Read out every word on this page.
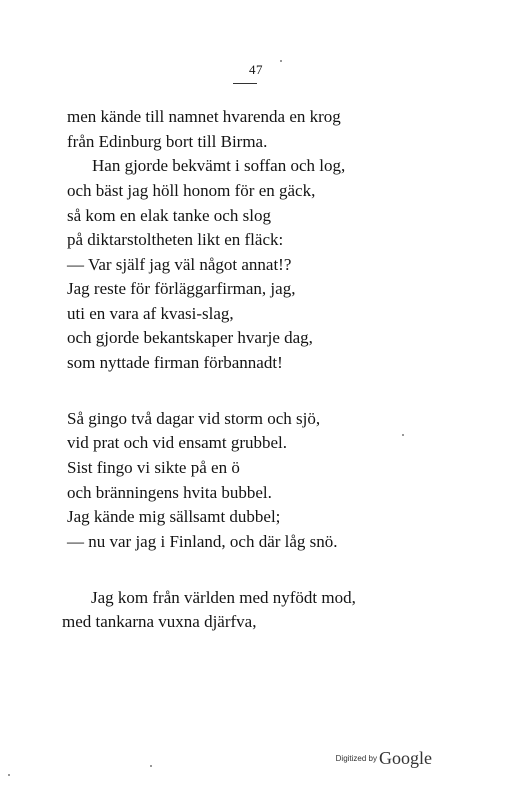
47
men kände till namnet hvarenda en krog
från Edinburg bort till Birma.
Han gjorde bekvämt i soffan och log,
och bäst jag höll honom för en gäck,
så kom en elak tanke och slog
på diktarstoltheten likt en fläck:
— Var själf jag väl något annat!?
Jag reste för förläggarfirman, jag,
uti en vara af kvasi-slag,
och gjorde bekantskaper hvarje dag,
som nyttade firman förbannadt!
Så gingo två dagar vid storm och sjö,
vid prat och vid ensamt grubbel.
Sist fingo vi sikte på en ö
och bränningens hvita bubbel.
Jag kände mig sällsamt dubbel;
— nu var jag i Finland, och där låg snö.
Jag kom från världen med nyfödt mod,
med tankarna vuxna djärfva,
Digitized by Google
